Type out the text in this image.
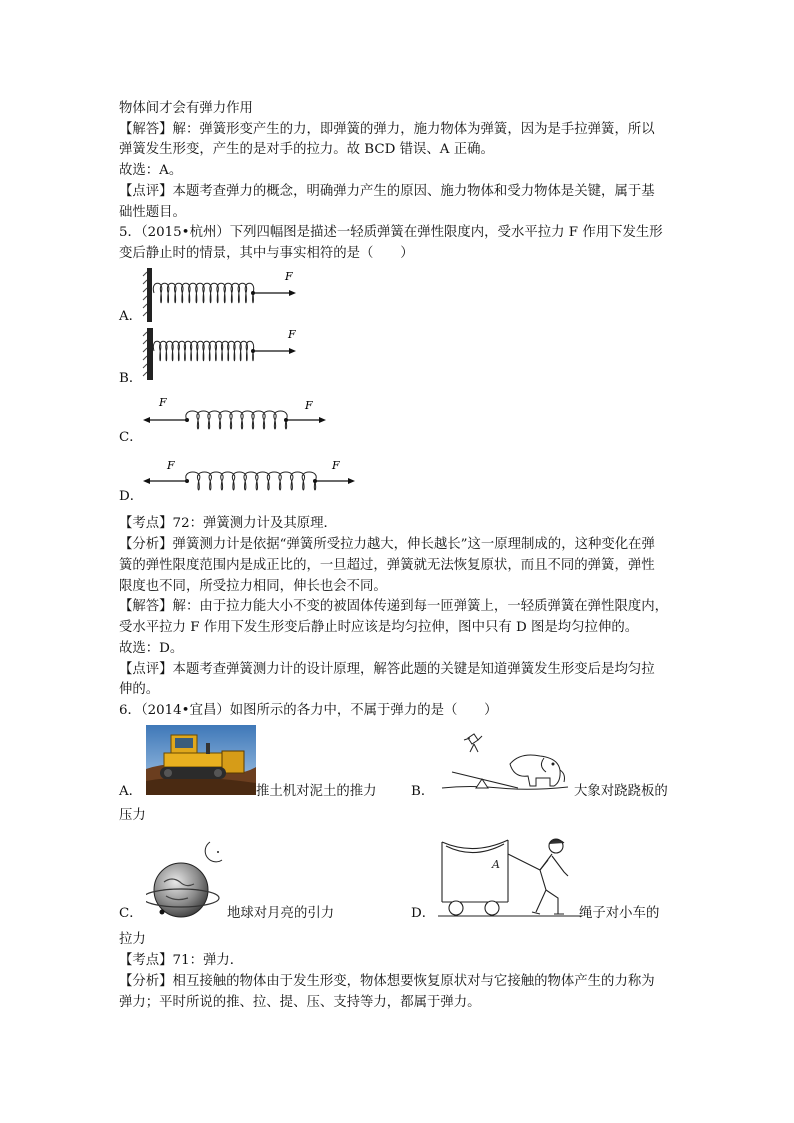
物体间才会有弹力作用
【解答】解：弹簧形变产生的力，即弹簧的弹力，施力物体为弹簧，因为是手拉弹簧，所以
弹簧发生形变，产生的是对手的拉力。故 BCD 错误、A 正确。
故选：A。
【点评】本题考查弹力的概念，明确弹力产生的原因、施力物体和受力物体是关键，属于基
础性题目。
5．（2015•杭州）下列四幅图是描述一轻质弹簧在弹性限度内，受水平拉力 F 作用下发生形
变后静止时的情景，其中与事实相符的是（　　）
A．
F
B．
F
C．
F	F
D．
F	F
【考点】72：弹簧测力计及其原理．
【分析】弹簧测力计是依据“弹簧所受拉力越大，伸长越长”这一原理制成的，这种变化在弹
簧的弹性限度范围内是成正比的，一旦超过，弹簧就无法恢复原状，而且不同的弹簧，弹性
限度也不同，所受拉力相同，伸长也会不同。
【解答】解：由于拉力能大小不变的被固体传递到每一匝弹簧上，一轻质弹簧在弹性限度内，
受水平拉力 F 作用下发生形变后静止时应该是均匀拉伸，图中只有 D 图是均匀拉伸的。
故选：D。
【点评】本题考查弹簧测力计的设计原理，解答此题的关键是知道弹簧发生形变后是均匀拉
伸的。
6．（2014•宜昌）如图所示的各力中，不属于弹力的是（　　）
A．	推土机对泥土的推力	B．	大象对跷跷板的
压力
C．	地球对月亮的引力	D．
A
绳子对小车的
拉力
【考点】71：弹力．
【分析】相互接触的物体由于发生形变，物体想要恢复原状对与它接触的物体产生的力称为
弹力；平时所说的推、拉、提、压、支持等力，都属于弹力。
